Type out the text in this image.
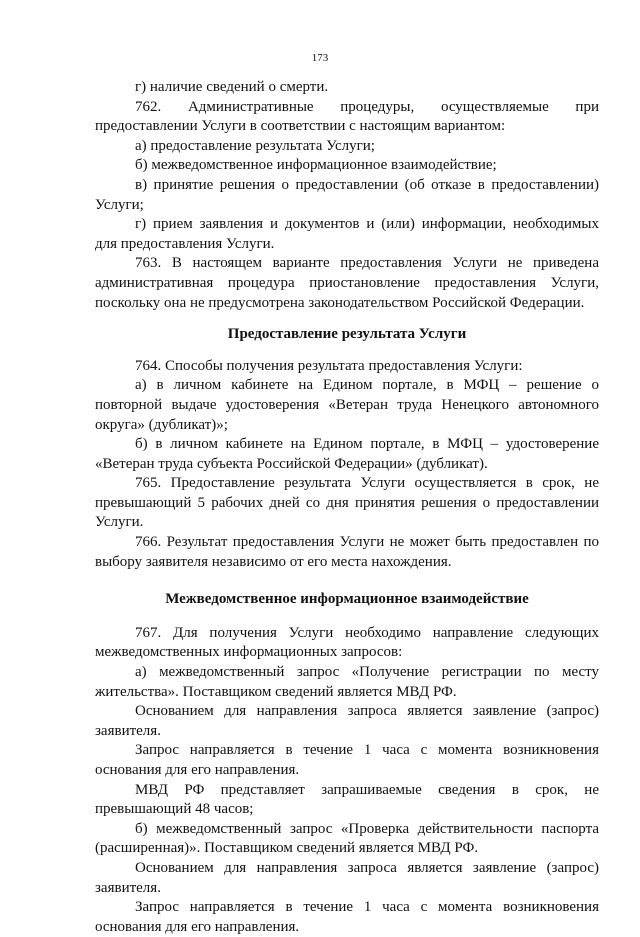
173

г) наличие сведений о смерти.

762. Административные процедуры, осуществляемые при предоставлении Услуги в соответствии с настоящим вариантом:

а) предоставление результата Услуги;

б) межведомственное информационное взаимодействие;

в) принятие решения о предоставлении (об отказе в предоставлении) Услуги;

г) прием заявления и документов и (или) информации, необходимых для предоставления Услуги.

763. В настоящем варианте предоставления Услуги не приведена административная процедура приостановление предоставления Услуги, поскольку она не предусмотрена законодательством Российской Федерации.

Предоставление результата Услуги

764. Способы получения результата предоставления Услуги:

а) в личном кабинете на Едином портале, в МФЦ – решение о повторной выдаче удостоверения «Ветеран труда Ненецкого автономного округа» (дубликат)»;

б) в личном кабинете на Едином портале, в МФЦ – удостоверение «Ветеран труда субъекта Российской Федерации» (дубликат).

765. Предоставление результата Услуги осуществляется в срок, не превышающий 5 рабочих дней со дня принятия решения о предоставлении Услуги.

766. Результат предоставления Услуги не может быть предоставлен по выбору заявителя независимо от его места нахождения.

Межведомственное информационное взаимодействие

767. Для получения Услуги необходимо направление следующих межведомственных информационных запросов:

а) межведомственный запрос «Получение регистрации по месту жительства». Поставщиком сведений является МВД РФ.

Основанием для направления запроса является заявление (запрос) заявителя.

Запрос направляется в течение 1 часа с момента возникновения основания для его направления.

МВД РФ представляет запрашиваемые сведения в срок, не превышающий 48 часов;

б) межведомственный запрос «Проверка действительности паспорта (расширенная)». Поставщиком сведений является МВД РФ.

Основанием для направления запроса является заявление (запрос) заявителя.

Запрос направляется в течение 1 часа с момента возникновения основания для его направления.
